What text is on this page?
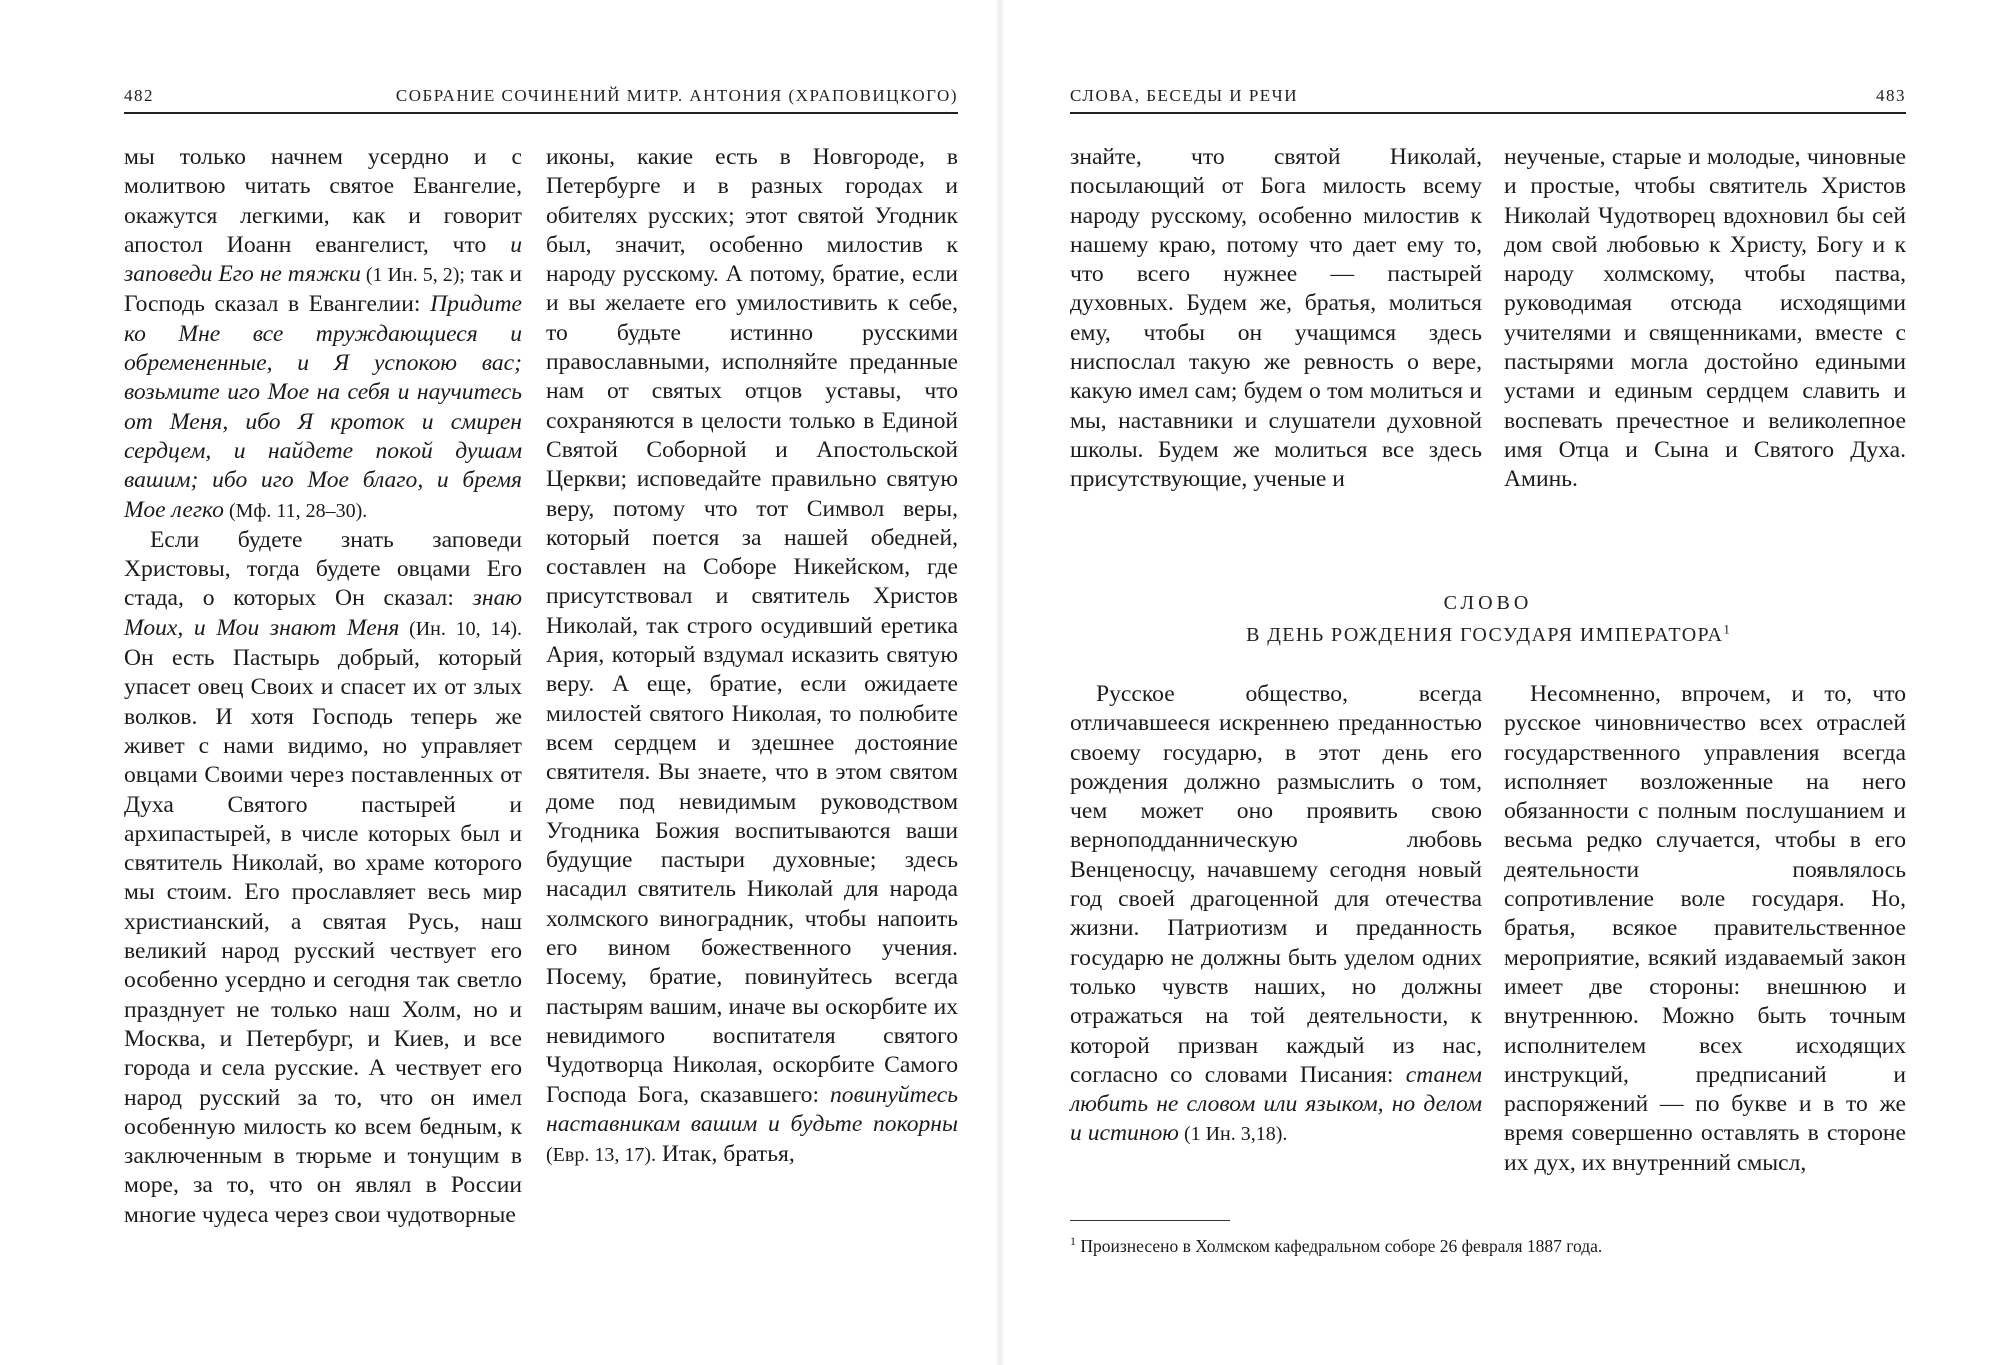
482	СОБРАНИЕ СОЧИНЕНИЙ МИТР. АНТОНИЯ (ХРАПОВИЦКОГО)

мы только начнем усердно и с молитвою читать святое Евангелие, окажутся легкими, как и говорит апостол Иоанн евангелист, что и заповеди Его не тяжки (1 Ин. 5, 2); так и Господь сказал в Евангелии: Придите ко Мне все труждающиеся и обремененные, и Я успокою вас; возьмите иго Мое на себя и научитесь от Меня, ибо Я кроток и смирен сердцем, и найдете покой душам вашим; ибо иго Мое благо, и бремя Мое легко (Мф. 11, 28–30).

Если будете знать заповеди Христовы, тогда будете овцами Его стада, о которых Он сказал: знаю Моих, и Мои знают Меня (Ин. 10, 14). Он есть Пастырь добрый, который упасет овец Своих и спасет их от злых волков. И хотя Господь теперь же живет с нами видимо, но управляет овцами Своими через поставленных от Духа Святого пастырей и архипастырей, в числе которых был и святитель Николай, во храме которого мы стоим. Его прославляет весь мир христианский, а святая Русь, наш великий народ русский чествует его особенно усердно и сегодня так светло празднует не только наш Холм, но и Москва, и Петербург, и Киев, и все города и села русские. А чествует его народ русский за то, что он имел особенную милость ко всем бедным, к заключенным в тюрьме и тонущим в море, за то, что он являл в России многие чудеса через свои чудотворные

иконы, какие есть в Новгороде, в Петербурге и в разных городах и обителях русских; этот святой Угодник был, значит, особенно милостив к народу русскому. А потому, братие, если и вы желаете его умилостивить к себе, то будьте истинно русскими православными, исполняйте преданные нам от святых отцов уставы, что сохраняются в целости только в Единой Святой Соборной и Апостольской Церкви; исповедайте правильно святую веру, потому что тот Символ веры, который поется за нашей обедней, составлен на Соборе Никейском, где присутствовал и святитель Христов Николай, так строго осудивший еретика Ария, который вздумал исказить святую веру. А еще, братие, если ожидаете милостей святого Николая, то полюбите всем сердцем и здешнее достояние святителя. Вы знаете, что в этом святом доме под невидимым руководством Угодника Божия воспитываются ваши будущие пастыри духовные; здесь насадил святитель Николай для народа холмского виноградник, чтобы напоить его вином божественного учения. Посему, братие, повинуйтесь всегда пастырям вашим, иначе вы оскорбите их невидимого воспитателя святого Чудотворца Николая, оскорбите Самого Господа Бога, сказавшего: повинуйтесь наставникам вашим и будьте покорны (Евр. 13, 17). Итак, братья,

СЛОВА, БЕСЕДЫ И РЕЧИ	483

знайте, что святой Николай, посылающий от Бога милость всему народу русскому, особенно милостив к нашему краю, потому что дает ему то, что всего нужнее — пастырей духовных. Будем же, братья, молиться ему, чтобы он учащимся здесь ниспослал такую же ревность о вере, какую имел сам; будем о том молиться и мы, наставники и слушатели духовной школы. Будем же молиться все здесь присутствующие, ученые и

неученые, старые и молодые, чиновные и простые, чтобы святитель Христов Николай Чудотворец вдохновил бы сей дом свой любовью к Христу, Богу и к народу холмскому, чтобы паства, руководимая отсюда исходящими учителями и священниками, вместе с пастырями могла достойно едиными устами и единым сердцем славить и воспевать пречестное и великолепное имя Отца и Сына и Святого Духа. Аминь.

СЛОВО
В ДЕНЬ РОЖДЕНИЯ ГОСУДАРЯ ИМПЕРАТОРА$^1$

Русское общество, всегда отличавшееся искреннею преданностью своему государю, в этот день его рождения должно размыслить о том, чем может оно проявить свою верноподданническую любовь Венценосцу, начавшему сегодня новый год своей драгоценной для отечества жизни. Патриотизм и преданность государю не должны быть уделом одних только чувств наших, но должны отражаться на той деятельности, к которой призван каждый из нас, согласно со словами Писания: станем любить не словом или языком, но делом и истиною (1 Ин. 3,18).

Несомненно, впрочем, и то, что русское чиновничество всех отраслей государственного управления всегда исполняет возложенные на него обязанности с полным послушанием и весьма редко случается, чтобы в его деятельности появлялось сопротивление воле государя. Но, братья, всякое правительственное мероприятие, всякий издаваемый закон имеет две стороны: внешнюю и внутреннюю. Можно быть точным исполнителем всех исходящих инструкций, предписаний и распоряжений — по букве и в то же время совершенно оставлять в стороне их дух, их внутренний смысл,

$^1$ Произнесено в Холмском кафедральном соборе 26 февраля 1887 года.
